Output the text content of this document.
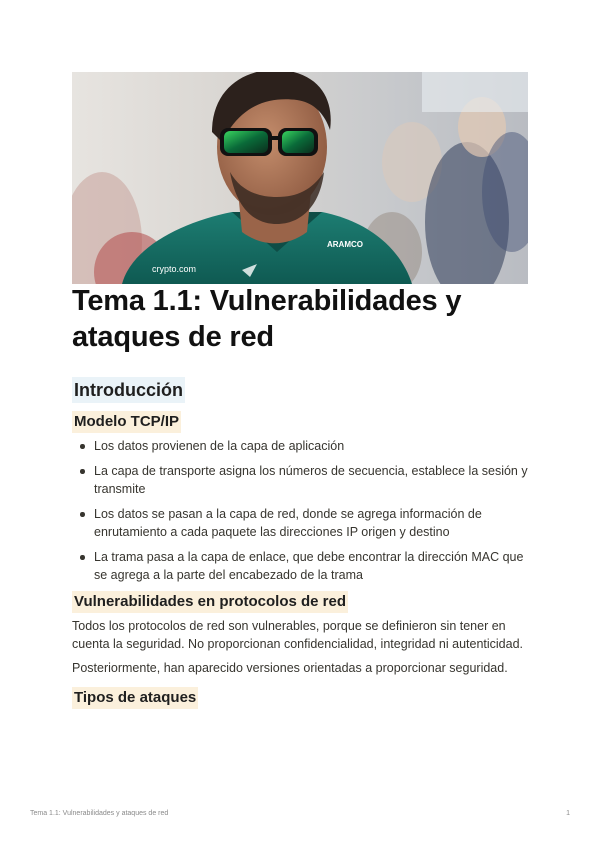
crypto.com
ARAMCO
Tema 1.1: Vulnerabilidades y ataques de red
Introducción
Modelo TCP/IP
Los datos provienen de la capa de aplicación
La capa de transporte asigna los números de secuencia, establece la sesión y transmite
Los datos se pasan a la capa de red, donde se agrega información de enrutamiento a cada paquete las direcciones IP origen y destino
La trama pasa a la capa de enlace, que debe encontrar la dirección MAC que se agrega a la parte del encabezado de la trama
Vulnerabilidades en protocolos de red

Todos los protocolos de red son vulnerables, porque se definieron sin tener en cuenta la seguridad. No proporcionan confidencialidad, integridad ni autenticidad.

Posteriormente, han aparecido versiones orientadas a proporcionar seguridad.

Tipos de ataques
Tema 1.1: Vulnerabilidades y ataques de red	1
